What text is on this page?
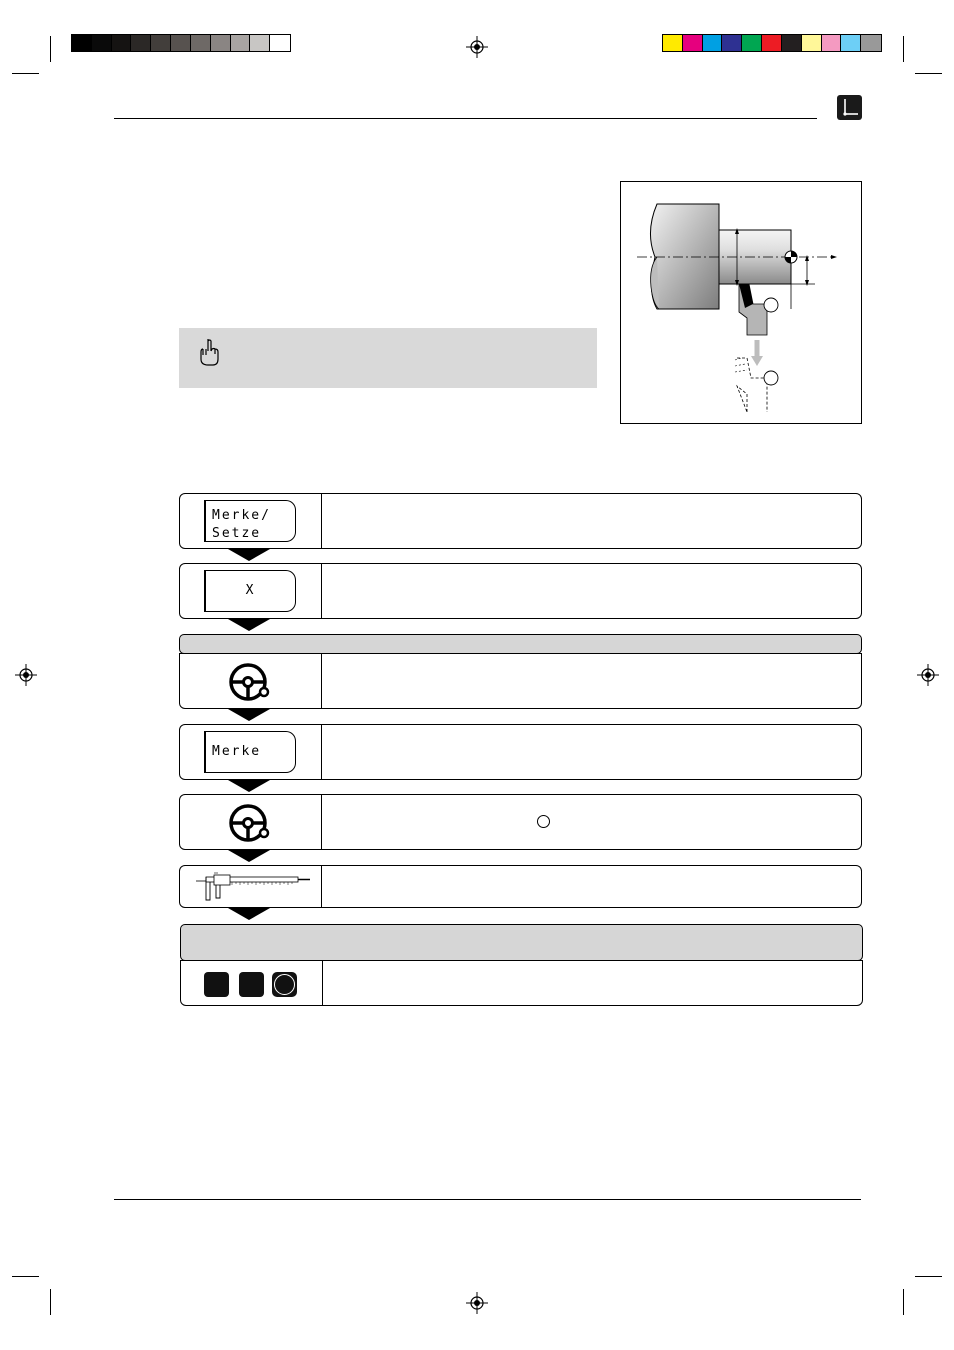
Merke/
Setze
X
Merke
